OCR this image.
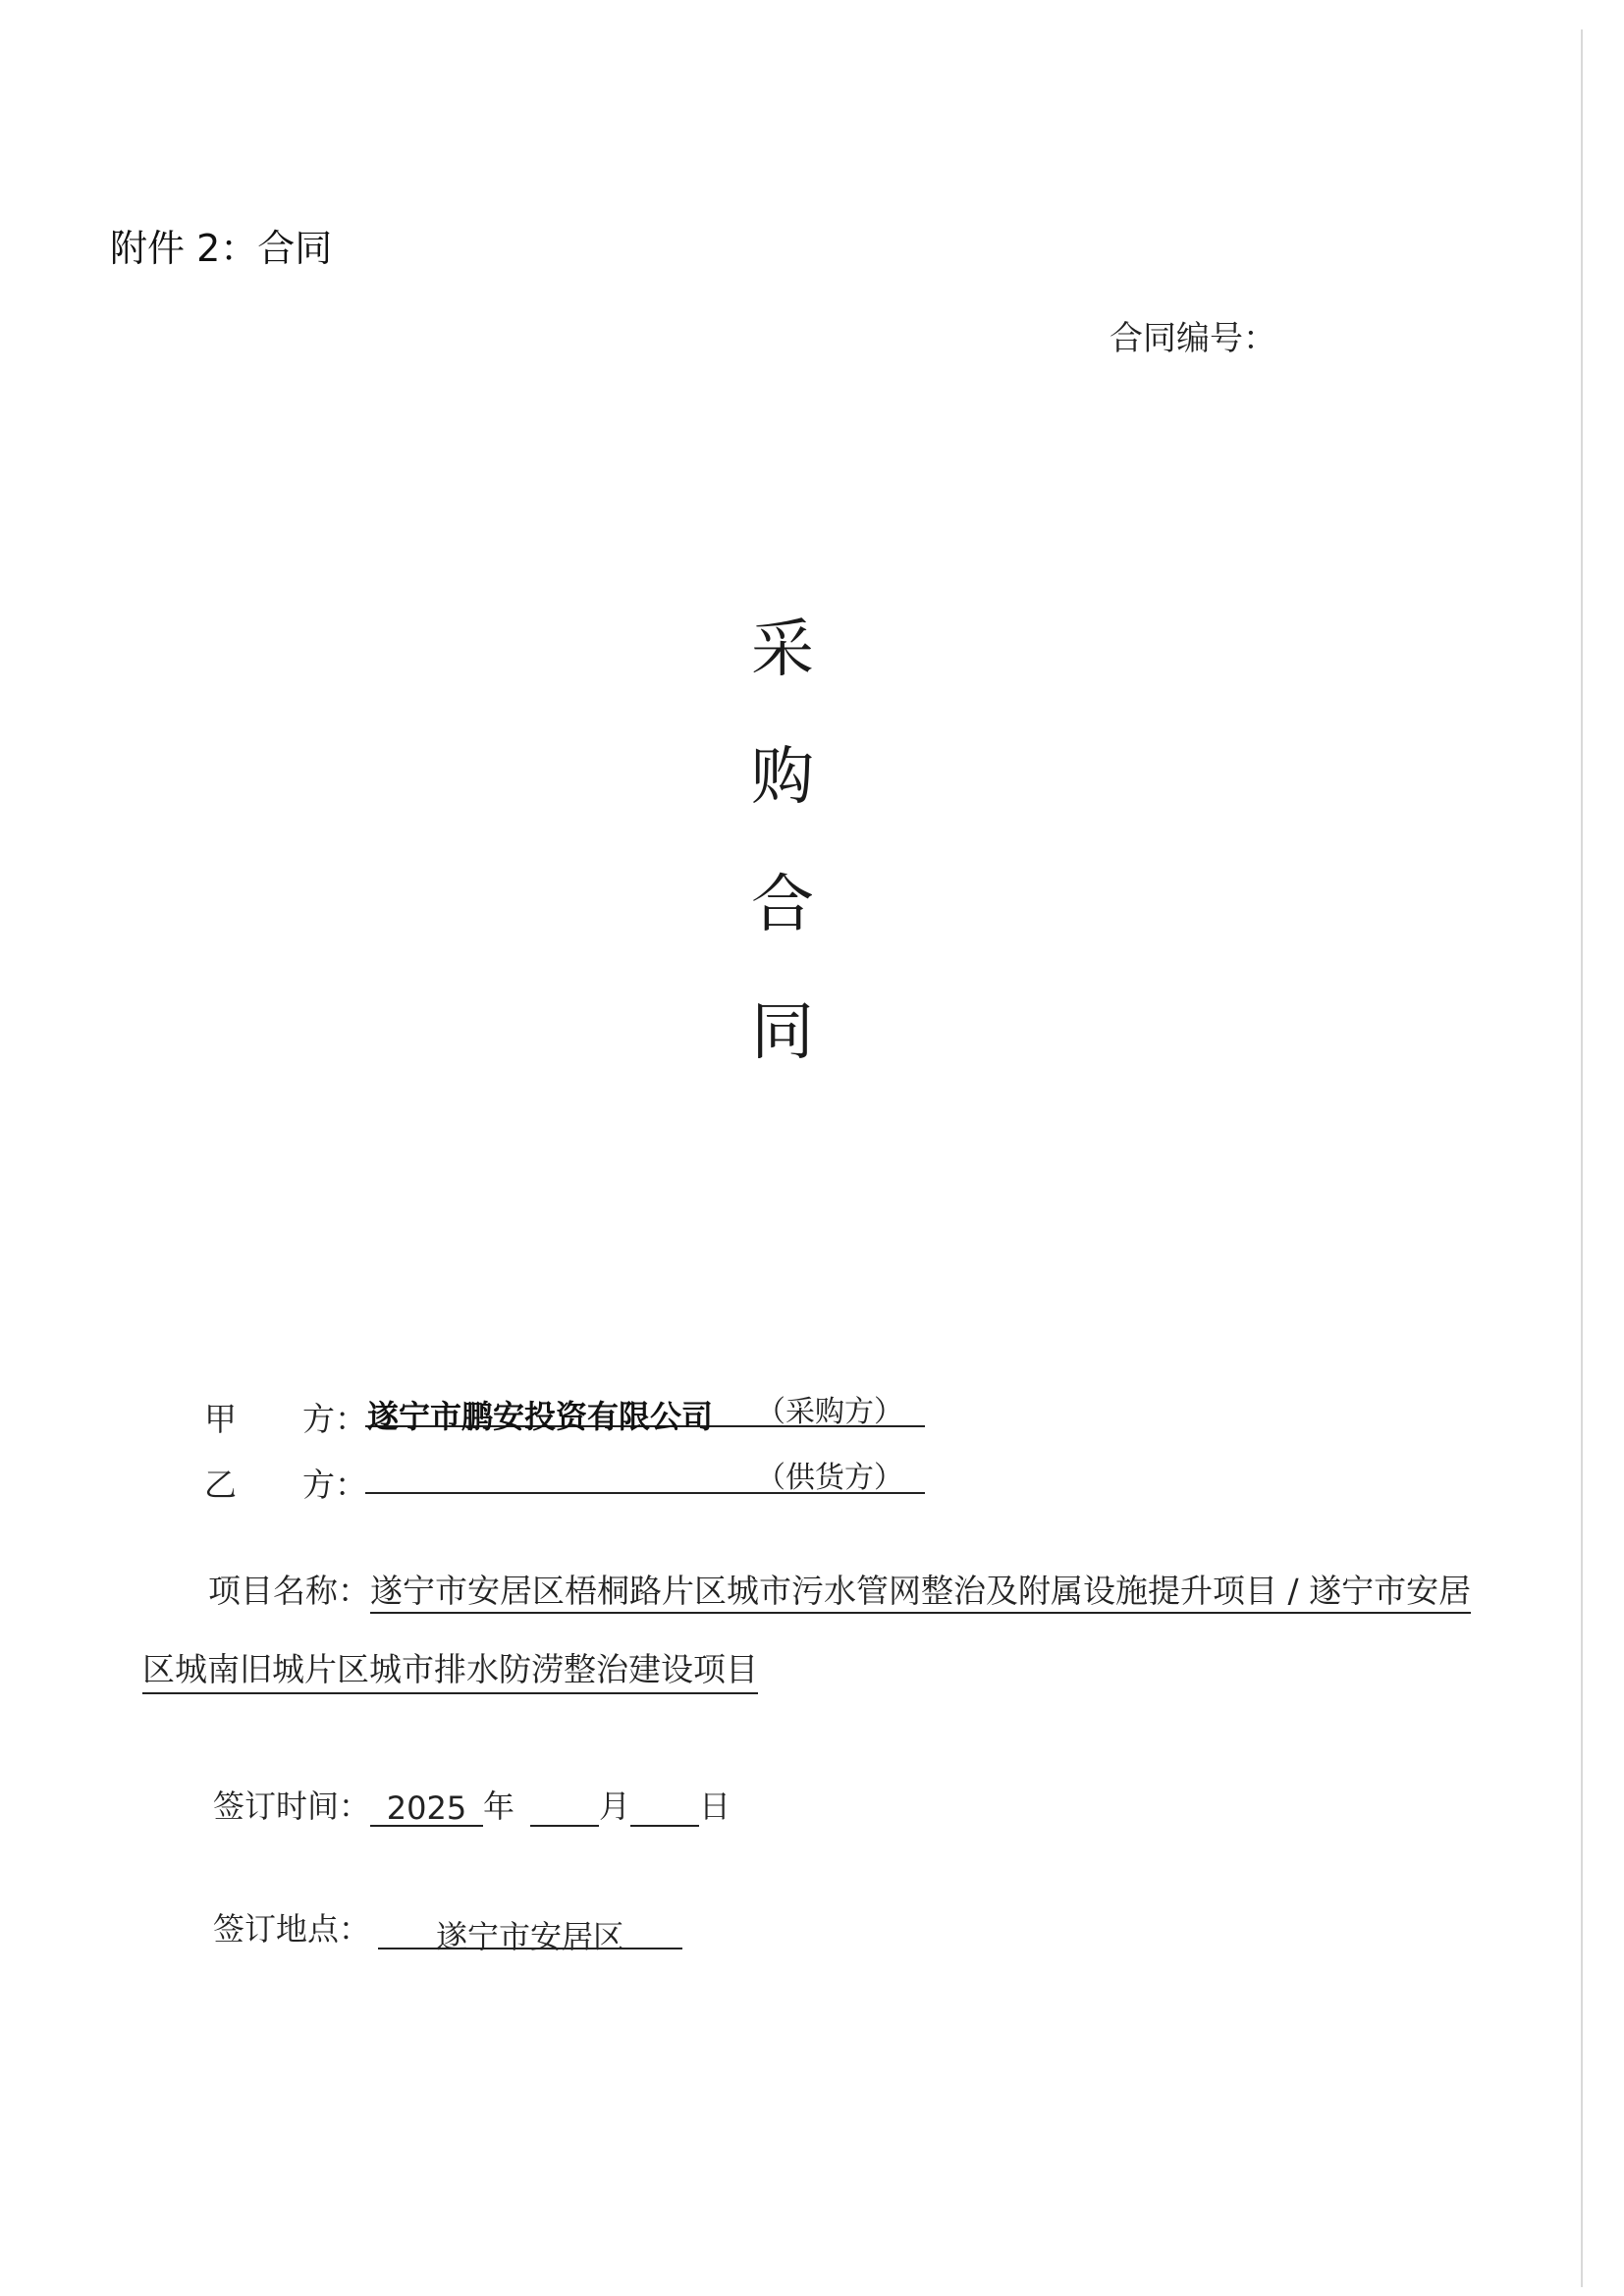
附件 2：合同
合同编号：
采
购
合
同
甲 方： 遂宁市鹏安投资有限公司 （采购方）
乙 方：	（供货方）
项目名称：遂宁市安居区梧桐路片区城市污水管网整治及附属设施提升项目 / 遂宁市安居
区城南旧城片区城市排水防涝整治建设项目
签订时间： 2025 年	月 日
签订地点： 遂宁市安居区
